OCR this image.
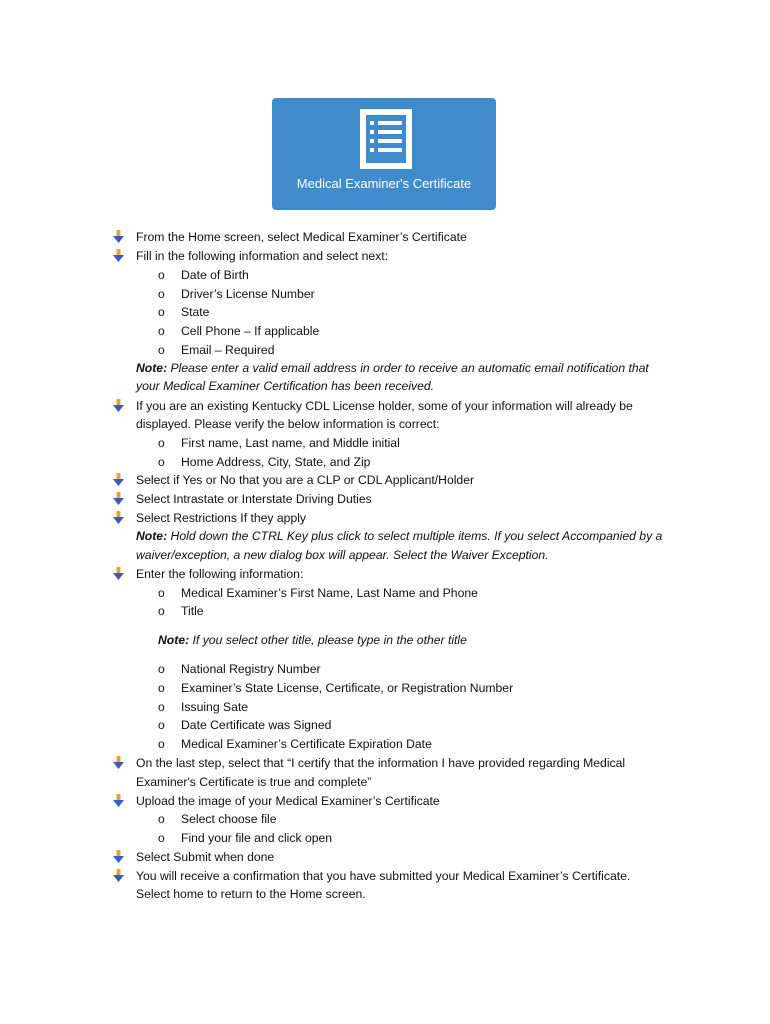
Medical Examiner's Certificate
From the Home screen, select Medical Examiner’s Certificate
Fill in the following information and select next:
o Date of Birth
o Driver’s License Number
o State
o Cell Phone – If applicable
o Email – Required
Note: Please enter a valid email address in order to receive an automatic email notification that
your Medical Examiner Certification has been received.
If you are an existing Kentucky CDL License holder, some of your information will already be
displayed. Please verify the below information is correct:
o First name, Last name, and Middle initial
o Home Address, City, State, and Zip
Select if Yes or No that you are a CLP or CDL Applicant/Holder
Select Intrastate or Interstate Driving Duties
Select Restrictions If they apply
Note: Hold down the CTRL Key plus click to select multiple items. If you select Accompanied by a
waiver/exception, a new dialog box will appear. Select the Waiver Exception.
Enter the following information:
o Medical Examiner’s First Name, Last Name and Phone
o Title
Note: If you select other title, please type in the other title
o National Registry Number
o Examiner’s State License, Certificate, or Registration Number
o Issuing Sate
o Date Certificate was Signed
o Medical Examiner’s Certificate Expiration Date
On the last step, select that “I certify that the information I have provided regarding Medical
Examiner's Certificate is true and complete”
Upload the image of your Medical Examiner’s Certificate
o Select choose file
o Find your file and click open
Select Submit when done
You will receive a confirmation that you have submitted your Medical Examiner’s Certificate.
Select home to return to the Home screen.
